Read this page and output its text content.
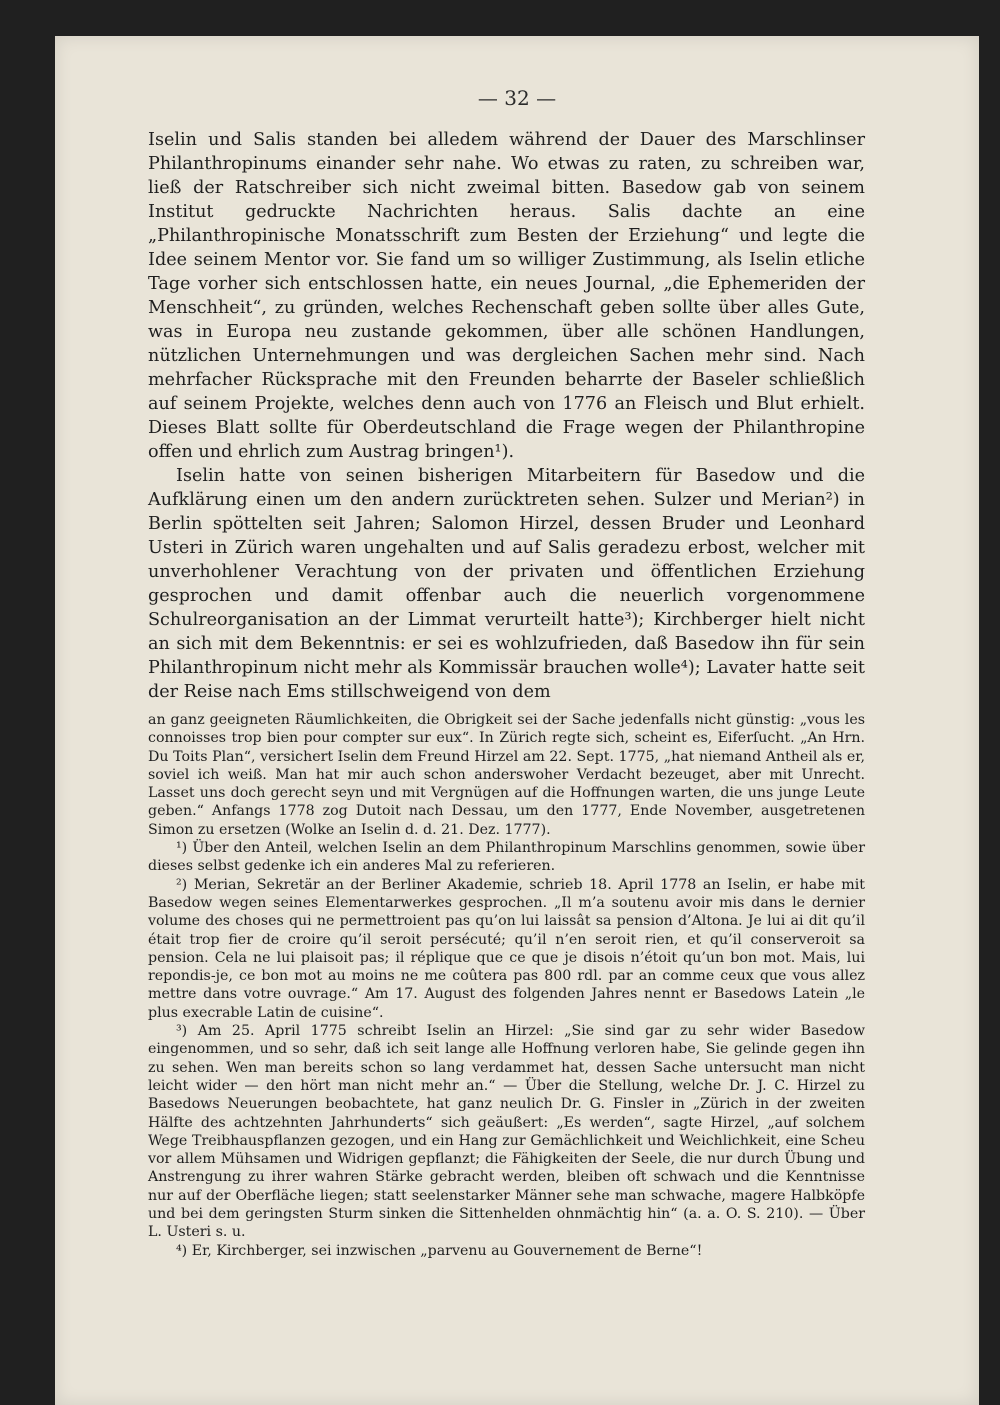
— 32 —

Iselin und Salis standen bei alledem während der Dauer des Marschlinser Philanthropinums einander sehr nahe. Wo etwas zu raten, zu schreiben war, ließ der Ratschreiber sich nicht zweimal bitten. Basedow gab von seinem Institut gedruckte Nachrichten heraus. Salis dachte an eine „Philanthropinische Monatsschrift zum Besten der Erziehung“ und legte die Idee seinem Mentor vor. Sie fand um so williger Zustimmung, als Iselin etliche Tage vorher sich entschlossen hatte, ein neues Journal, „die Ephemeriden der Menschheit“, zu gründen, welches Rechenschaft geben sollte über alles Gute, was in Europa neu zustande gekommen, über alle schönen Handlungen, nützlichen Unternehmungen und was dergleichen Sachen mehr sind. Nach mehrfacher Rücksprache mit den Freunden beharrte der Baseler schließlich auf seinem Projekte, welches denn auch von 1776 an Fleisch und Blut erhielt. Dieses Blatt sollte für Oberdeutschland die Frage wegen der Philanthropine offen und ehrlich zum Austrag bringen¹).

Iselin hatte von seinen bisherigen Mitarbeitern für Basedow und die Aufklärung einen um den andern zurücktreten sehen. Sulzer und Merian²) in Berlin spöttelten seit Jahren; Salomon Hirzel, dessen Bruder und Leonhard Usteri in Zürich waren ungehalten und auf Salis geradezu erbost, welcher mit unverhohlener Verachtung von der privaten und öffentlichen Erziehung gesprochen und damit offenbar auch die neuerlich vorgenommene Schulreorganisation an der Limmat verurteilt hatte³); Kirchberger hielt nicht an sich mit dem Bekenntnis: er sei es wohlzufrieden, daß Basedow ihn für sein Philanthropinum nicht mehr als Kommissär brauchen wolle⁴); Lavater hatte seit der Reise nach Ems stillschweigend von dem

an ganz geeigneten Räumlichkeiten, die Obrigkeit sei der Sache jedenfalls nicht günstig: „vous les connoisses trop bien pour compter sur eux“. In Zürich regte sich, scheint es, Eiferſucht. „An Hrn. Du Toits Plan“, versichert Iselin dem Freund Hirzel am 22. Sept. 1775, „hat niemand Antheil als er, soviel ich weiß. Man hat mir auch schon anderswoher Verdacht bezeuget, aber mit Unrecht. Lasset uns doch gerecht seyn und mit Vergnügen auf die Hoffnungen warten, die uns junge Leute geben.“ Anfangs 1778 zog Dutoit nach Dessau, um den 1777, Ende November, ausgetretenen Simon zu ersetzen (Wolke an Iselin d. d. 21. Dez. 1777).

¹) Über den Anteil, welchen Iselin an dem Philanthropinum Marschlins genommen, sowie über dieses selbst gedenke ich ein anderes Mal zu referieren.

²) Merian, Sekretär an der Berliner Akademie, schrieb 18. April 1778 an Iselin, er habe mit Basedow wegen seines Elementarwerkes gesprochen. „Il m’a soutenu avoir mis dans le dernier volume des choses qui ne permettroient pas qu’on lui laissât sa pension d’Altona. Je lui ai dit qu’il était trop fier de croire qu’il seroit persécuté; qu’il n’en seroit rien, et qu’il conserveroit sa pension. Cela ne lui plaisoit pas; il réplique que ce que je disois n’étoit qu’un bon mot. Mais, lui repondis-je, ce bon mot au moins ne me coûtera pas 800 rdl. par an comme ceux que vous allez mettre dans votre ouvrage.“ Am 17. August des folgenden Jahres nennt er Basedows Latein „le plus execrable Latin de cuisine“.

³) Am 25. April 1775 schreibt Iselin an Hirzel: „Sie sind gar zu sehr wider Basedow eingenommen, und so sehr, daß ich seit lange alle Hoffnung verloren habe, Sie gelinde gegen ihn zu sehen. Wen man bereits schon so lang verdammet hat, dessen Sache untersucht man nicht leicht wider — den hört man nicht mehr an.“ — Über die Stellung, welche Dr. J. C. Hirzel zu Basedows Neuerungen beobachtete, hat ganz neulich Dr. G. Finsler in „Zürich in der zweiten Hälfte des achtzehnten Jahrhunderts“ sich geäußert: „Es werden“, sagte Hirzel, „auf solchem Wege Treibhauspflanzen gezogen, und ein Hang zur Gemächlichkeit und Weichlichkeit, eine Scheu vor allem Mühsamen und Widrigen gepflanzt; die Fähigkeiten der Seele, die nur durch Übung und Anstrengung zu ihrer wahren Stärke gebracht werden, bleiben oft schwach und die Kenntnisse nur auf der Oberfläche liegen; statt seelenstarker Männer sehe man schwache, magere Halbköpfe und bei dem geringsten Sturm sinken die Sittenhelden ohnmächtig hin“ (a. a. O. S. 210). — Über L. Usteri s. u.

⁴) Er, Kirchberger, sei inzwischen „parvenu au Gouvernement de Berne“!
